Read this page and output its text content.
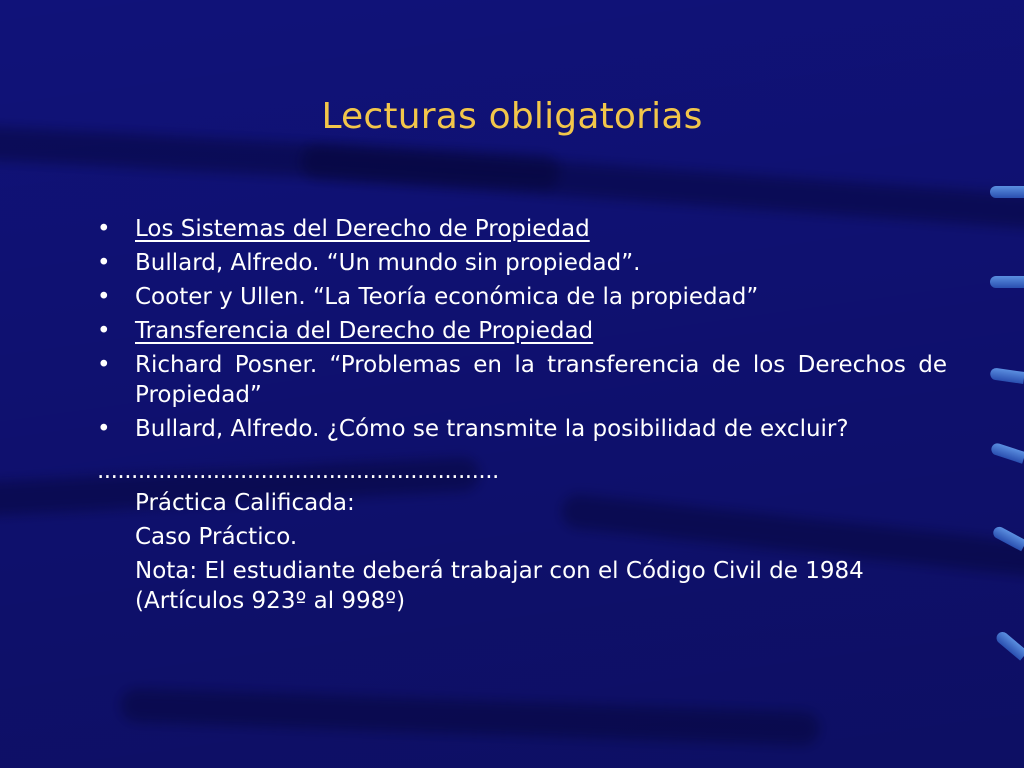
Lecturas obligatorias
• Los Sistemas del Derecho de Propiedad
• Bullard, Alfredo. “Un mundo sin propiedad”.
• Cooter y Ullen. “La Teoría económica de la propiedad”
• Transferencia del Derecho de Propiedad
• Richard Posner. “Problemas en la transferencia de los Derechos de Propiedad”
• Bullard, Alfredo. ¿Cómo se transmite la posibilidad de excluir?
...........................................................
Práctica Calificada:
Caso Práctico.
Nota: El estudiante deberá trabajar con el Código Civil de 1984 (Artículos 923º al 998º)
